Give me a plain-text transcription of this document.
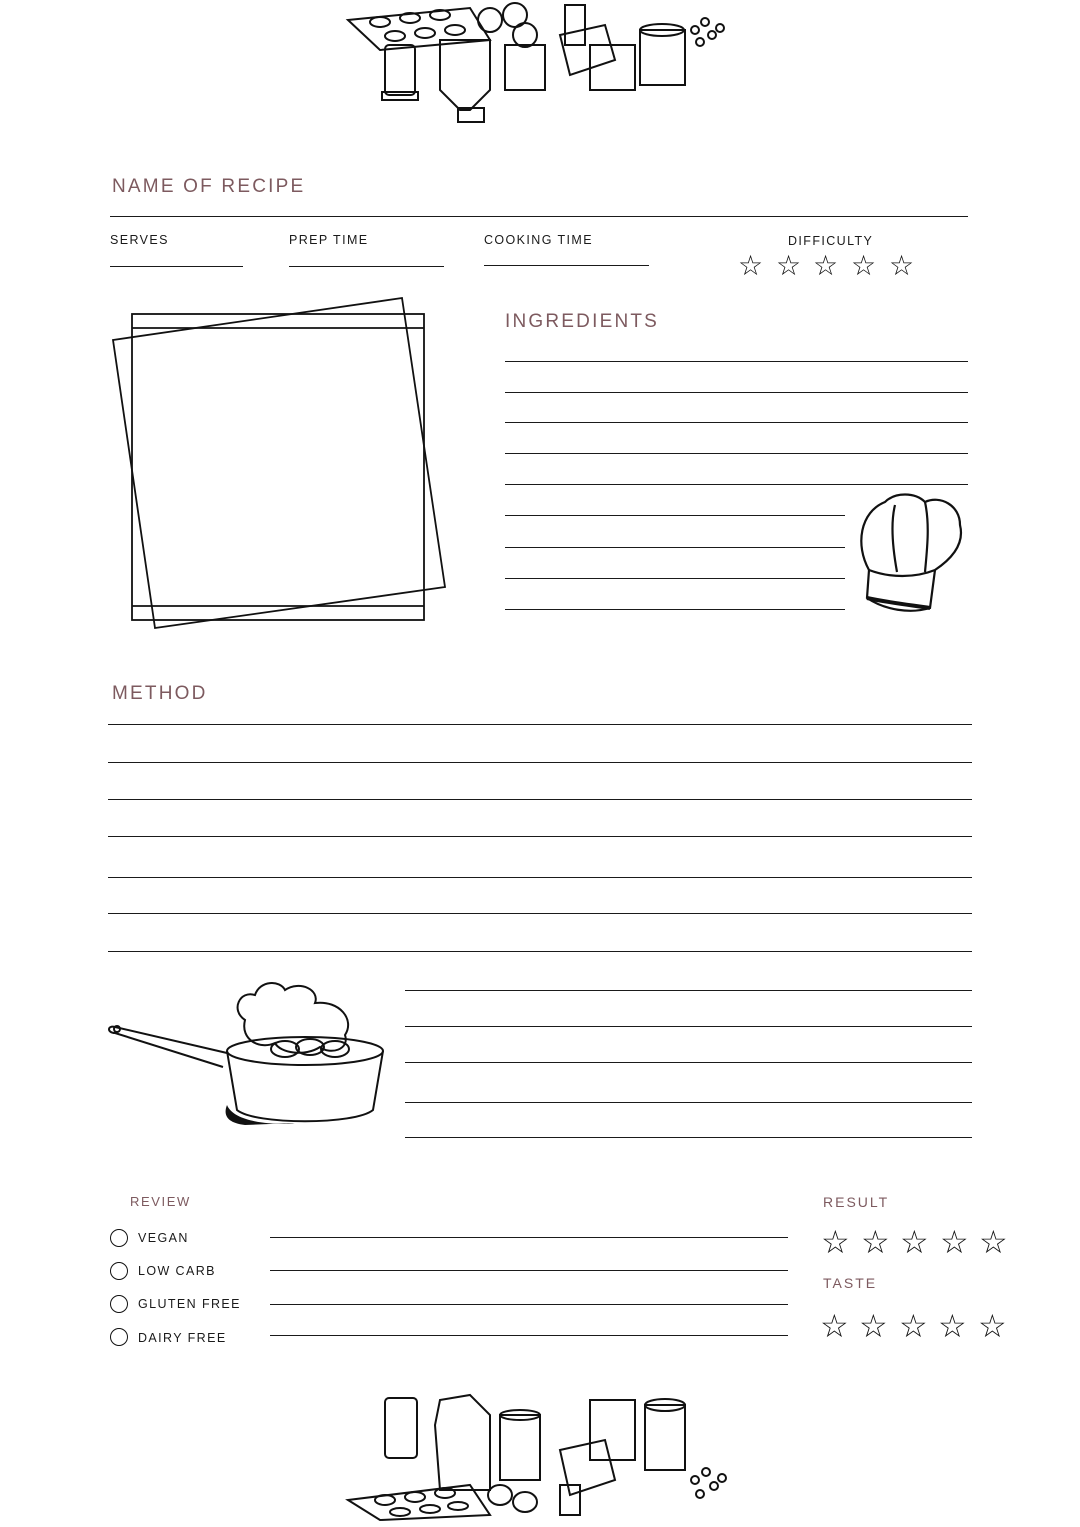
NAME OF RECIPE
SERVES	PREP TIME	COOKING TIME	DIFFICULTY
☆ ☆ ☆ ☆ ☆
INGREDIENTS
METHOD
REVIEW
VEGAN
LOW CARB
GLUTEN FREE
DAIRY FREE
RESULT
☆ ☆ ☆ ☆ ☆
TASTE
☆ ☆ ☆ ☆ ☆
